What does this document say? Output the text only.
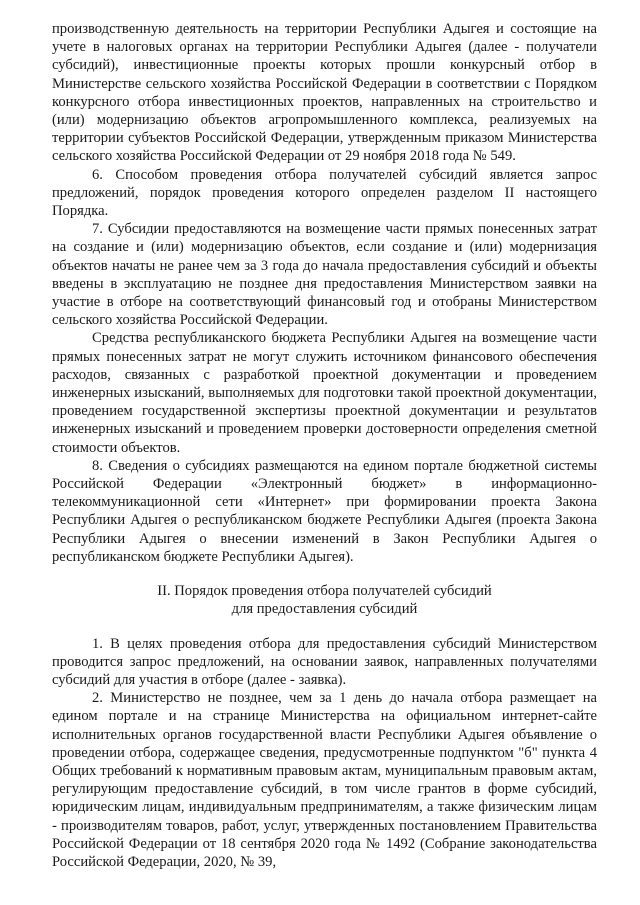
производственную деятельность на территории Республики Адыгея и состоящие на учете в налоговых органах на территории Республики Адыгея (далее - получатели субсидий), инвестиционные проекты которых прошли конкурсный отбор в Министерстве сельского хозяйства Российской Федерации в соответствии с Порядком конкурсного отбора инвестиционных проектов, направленных на строительство и (или) модернизацию объектов агропромышленного комплекса, реализуемых на территории субъектов Российской Федерации, утвержденным приказом Министерства сельского хозяйства Российской Федерации от 29 ноября 2018 года № 549.

6. Способом проведения отбора получателей субсидий является запрос предложений, порядок проведения которого определен разделом II настоящего Порядка.

7. Субсидии предоставляются на возмещение части прямых понесенных затрат на создание и (или) модернизацию объектов, если создание и (или) модернизация объектов начаты не ранее чем за 3 года до начала предоставления субсидий и объекты введены в эксплуатацию не позднее дня предоставления Министерством заявки на участие в отборе на соответствующий финансовый год и отобраны Министерством сельского хозяйства Российской Федерации.

Средства республиканского бюджета Республики Адыгея на возмещение части прямых понесенных затрат не могут служить источником финансового обеспечения расходов, связанных с разработкой проектной документации и проведением инженерных изысканий, выполняемых для подготовки такой проектной документации, проведением государственной экспертизы проектной документации и результатов инженерных изысканий и проведением проверки достоверности определения сметной стоимости объектов.

8. Сведения о субсидиях размещаются на едином портале бюджетной системы Российской Федерации «Электронный бюджет» в информационно-телекоммуникационной сети «Интернет» при формировании проекта Закона Республики Адыгея о республиканском бюджете Республики Адыгея (проекта Закона Республики Адыгея о внесении изменений в Закон Республики Адыгея о республиканском бюджете Республики Адыгея).

II. Порядок проведения отбора получателей субсидий
для предоставления субсидий

1. В целях проведения отбора для предоставления субсидий Министерством проводится запрос предложений, на основании заявок, направленных получателями субсидий для участия в отборе (далее - заявка).

2. Министерство не позднее, чем за 1 день до начала отбора размещает на едином портале и на странице Министерства на официальном интернет-сайте исполнительных органов государственной власти Республики Адыгея объявление о проведении отбора, содержащее сведения, предусмотренные подпунктом "б" пункта 4 Общих требований к нормативным правовым актам, муниципальным правовым актам, регулирующим предоставление субсидий, в том числе грантов в форме субсидий, юридическим лицам, индивидуальным предпринимателям, а также физическим лицам - производителям товаров, работ, услуг, утвержденных постановлением Правительства Российской Федерации от 18 сентября 2020 года № 1492 (Собрание законодательства Российской Федерации, 2020, № 39,
